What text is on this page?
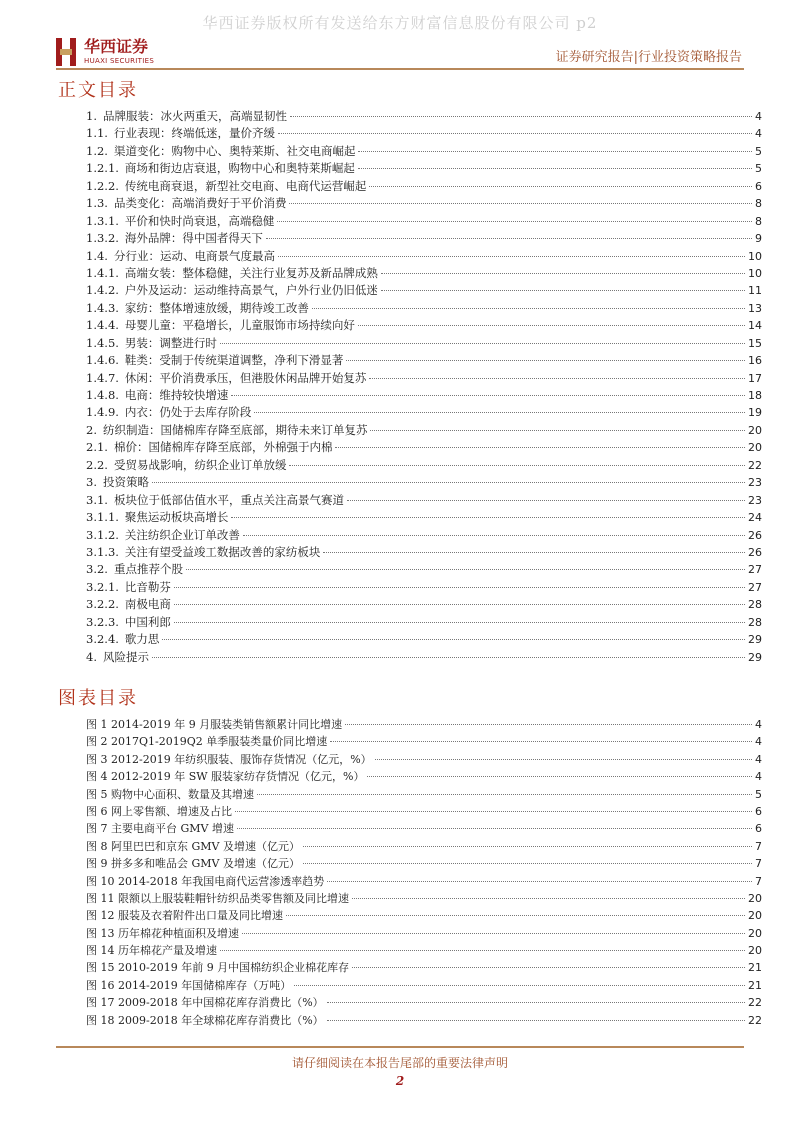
华西证券版权所有发送给东方财富信息股份有限公司 p2
华西证券
HUAXI SECURITIES	证券研究报告|行业投资策略报告
正文目录
1. 品牌服装：冰火两重天，高端显韧性	4
1.1. 行业表现：终端低迷，量价齐缓	4
1.2. 渠道变化：购物中心、奥特莱斯、社交电商崛起	5
1.2.1. 商场和街边店衰退，购物中心和奥特莱斯崛起	5
1.2.2. 传统电商衰退，新型社交电商、电商代运营崛起	6
1.3. 品类变化：高端消费好于平价消费	8
1.3.1. 平价和快时尚衰退，高端稳健	8
1.3.2. 海外品牌：得中国者得天下	9
1.4. 分行业：运动、电商景气度最高	10
1.4.1. 高端女装：整体稳健，关注行业复苏及新品牌成熟	10
1.4.2. 户外及运动：运动维持高景气，户外行业仍旧低迷	11
1.4.3. 家纺：整体增速放缓，期待竣工改善	13
1.4.4. 母婴儿童：平稳增长，儿童服饰市场持续向好	14
1.4.5. 男装：调整进行时	15
1.4.6. 鞋类：受制于传统渠道调整，净利下滑显著	16
1.4.7. 休闲：平价消费承压，但港股休闲品牌开始复苏	17
1.4.8. 电商：维持较快增速	18
1.4.9. 内衣：仍处于去库存阶段	19
2. 纺织制造：国储棉库存降至底部，期待未来订单复苏	20
2.1. 棉价：国储棉库存降至底部，外棉强于内棉	20
2.2. 受贸易战影响，纺织企业订单放缓	22
3. 投资策略	23
3.1. 板块位于低部估值水平，重点关注高景气赛道	23
3.1.1. 聚焦运动板块高增长	24
3.1.2. 关注纺织企业订单改善	26
3.1.3. 关注有望受益竣工数据改善的家纺板块	26
3.2. 重点推荐个股	27
3.2.1. 比音勒芬	27
3.2.2. 南极电商	28
3.2.3. 中国利郎	28
3.2.4. 歌力思	29
4. 风险提示	29
图表目录
图 1 2014-2019 年 9 月服装类销售额累计同比增速	4
图 2 2017Q1-2019Q2 单季服装类量价同比增速	4
图 3 2012-2019 年纺织服装、服饰存货情况（亿元，%）	4
图 4 2012-2019 年 SW 服装家纺存货情况（亿元，%）	4
图 5 购物中心面积、数量及其增速	5
图 6 网上零售额、增速及占比	6
图 7 主要电商平台 GMV 增速	6
图 8 阿里巴巴和京东 GMV 及增速（亿元）	7
图 9 拼多多和唯品会 GMV 及增速（亿元）	7
图 10 2014-2018 年我国电商代运营渗透率趋势	7
图 11 限额以上服装鞋帽针纺织品类零售额及同比增速	20
图 12 服装及衣着附件出口量及同比增速	20
图 13 历年棉花种植面积及增速	20
图 14 历年棉花产量及增速	20
图 15 2010-2019 年前 9 月中国棉纺织企业棉花库存	21
图 16 2014-2019 年国储棉库存（万吨）	21
图 17 2009-2018 年中国棉花库存消费比（%）	22
图 18 2009-2018 年全球棉花库存消费比（%）	22
请仔细阅读在本报告尾部的重要法律声明
2
